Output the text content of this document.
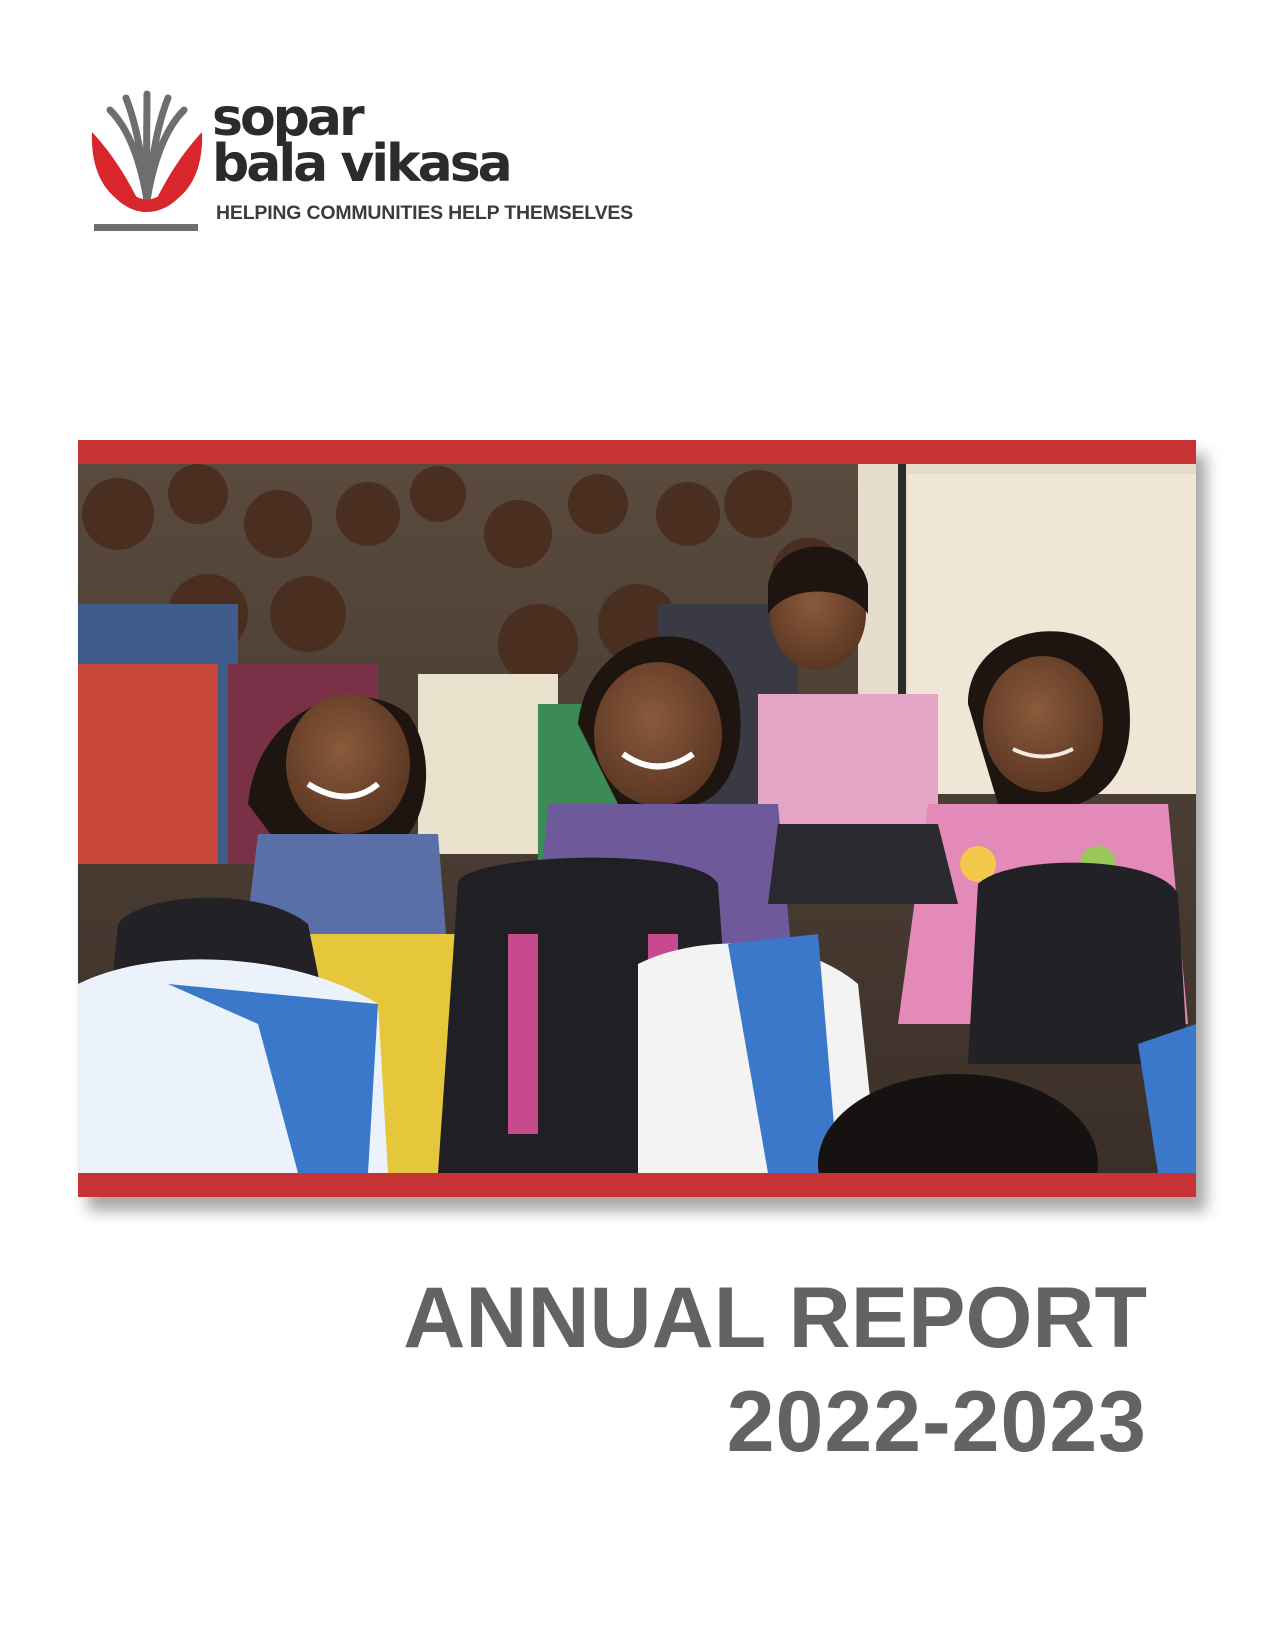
sopar
bala vikasa
HELPING COMMUNITIES HELP THEMSELVES
ANNUAL REPORT
2022-2023
